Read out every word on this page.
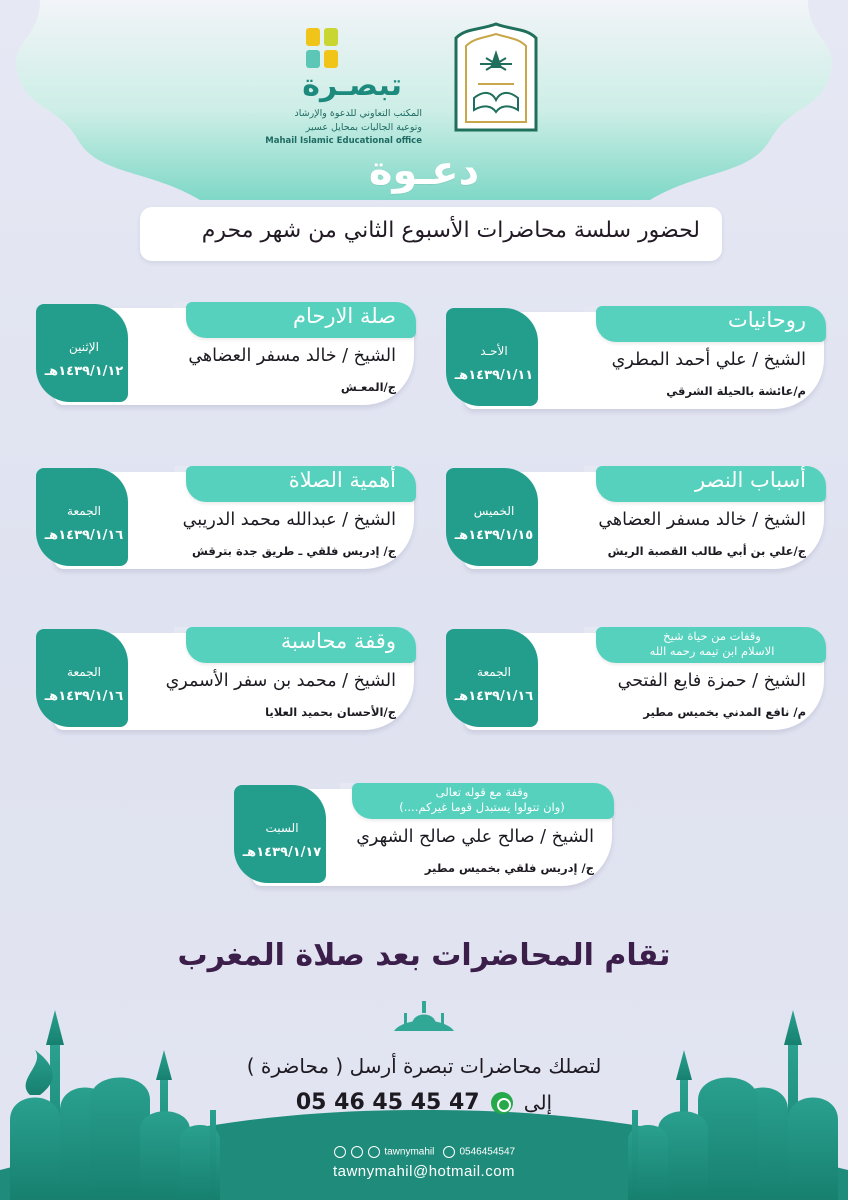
تبصـرة
المكتب التعاوني للدعوة والإرشاد
وتوعية الجاليات بمحايل عسير
Mahail Islamic Educational office
دعـوة
لحضور سلسة محاضرات الأسبوع الثاني من شهر محرم
الأحـد
١٤٣٩/١/١١هـ
روحانيات
الشيخ / علي أحمد المطري
م/عائشة بالحيلة الشرقي
الإثنين
١٤٣٩/١/١٢هـ
صلة الارحام
الشيخ / خالد مسفر العضاهي
ج/المعـش
الخميس
١٤٣٩/١/١٥هـ
أسباب النصر
الشيخ / خالد مسفر العضاهي
ج/علي بن أبي طالب القصبة الريش
الجمعة
١٤٣٩/١/١٦هـ
أهمية الصلاة
الشيخ / عبدالله محمد الدريبي
ج/ إدريس فلقي ـ طريق جدة بترقش
الجمعة
١٤٣٩/١/١٦هـ
وقفات من حياة شيخ
الاسلام ابن تيمه رحمه الله
الشيخ / حمزة فايع الفتحي
م/ نافع المدني بخميس مطير
الجمعة
١٤٣٩/١/١٦هـ
وقفة محاسبة
الشيخ / محمد بن سفر الأسمري
ج/الأحسان بحميد العلايا
السبت
١٤٣٩/١/١٧هـ
وقفة مع قوله تعالى
(وان تتولوا يستبدل قوما غيركم....)
الشيخ / صالح علي صالح الشهري
ج/ إدريس فلقي بخميس مطير
تقام المحاضرات بعد صلاة المغرب
لتصلك محاضرات تبصرة أرسل ( محاضرة )
إلى  05 46 45 45 47
tawnymahil	0546454547
tawnymahil@hotmail.com
